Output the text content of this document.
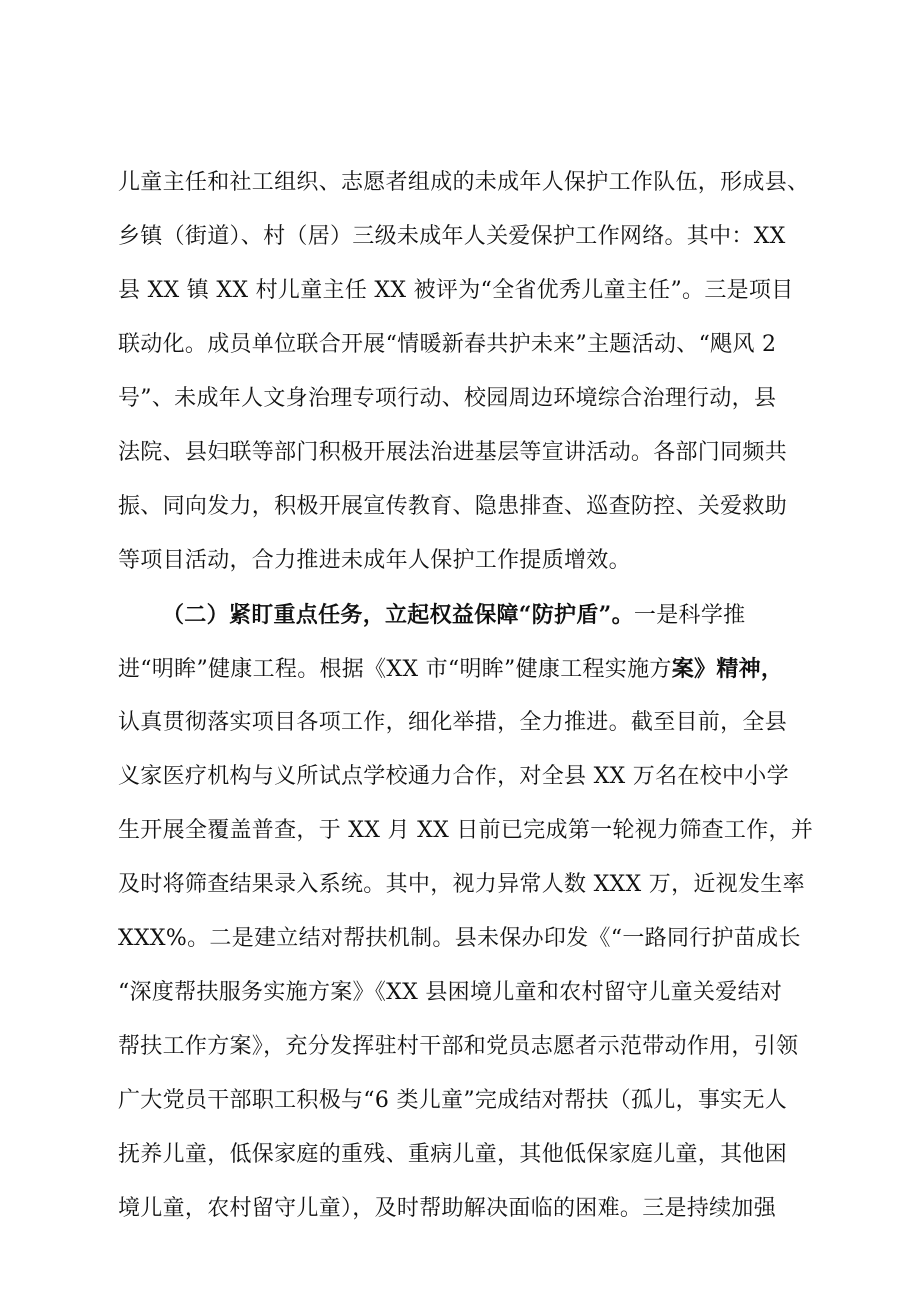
儿童主任和社工组织、志愿者组成的未成年人保护工作队伍，形成县、
乡镇（街道）、村（居）三级未成年人关爱保护工作网络。其中：XX
县 XX 镇 XX 村儿童主任 XX 被评为“全省优秀儿童主任”。三是项目
联动化。成员单位联合开展“情暖新春共护未来”主题活动、“飓风 2
号”、未成年人文身治理专项行动、校园周边环境综合治理行动，县
法院、县妇联等部门积极开展法治进基层等宣讲活动。各部门同频共
振、同向发力，积极开展宣传教育、隐患排查、巡查防控、关爱救助
等项目活动，合力推进未成年人保护工作提质增效。
（二）紧盯重点任务，立起权益保障“防护盾”。一是科学推
进“明眸”健康工程。根据《XX 市“明眸”健康工程实施方案》精神，
认真贯彻落实项目各项工作，细化举措，全力推进。截至目前，全县
义家医疗机构与义所试点学校通力合作，对全县 XX 万名在校中小学
生开展全覆盖普查，于 XX 月 XX 日前已完成第一轮视力筛查工作，并
及时将筛查结果录入系统。其中，视力异常人数 XXX 万，近视发生率
XXX%。二是建立结对帮扶机制。县未保办印发《“一路同行护苗成长
“深度帮扶服务实施方案》《XX 县困境儿童和农村留守儿童关爱结对
帮扶工作方案》，充分发挥驻村干部和党员志愿者示范带动作用，引领
广大党员干部职工积极与“6 类儿童”完成结对帮扶（孤儿，事实无人
抚养儿童，低保家庭的重残、重病儿童，其他低保家庭儿童，其他困
境儿童，农村留守儿童），及时帮助解决面临的困难。三是持续加强
